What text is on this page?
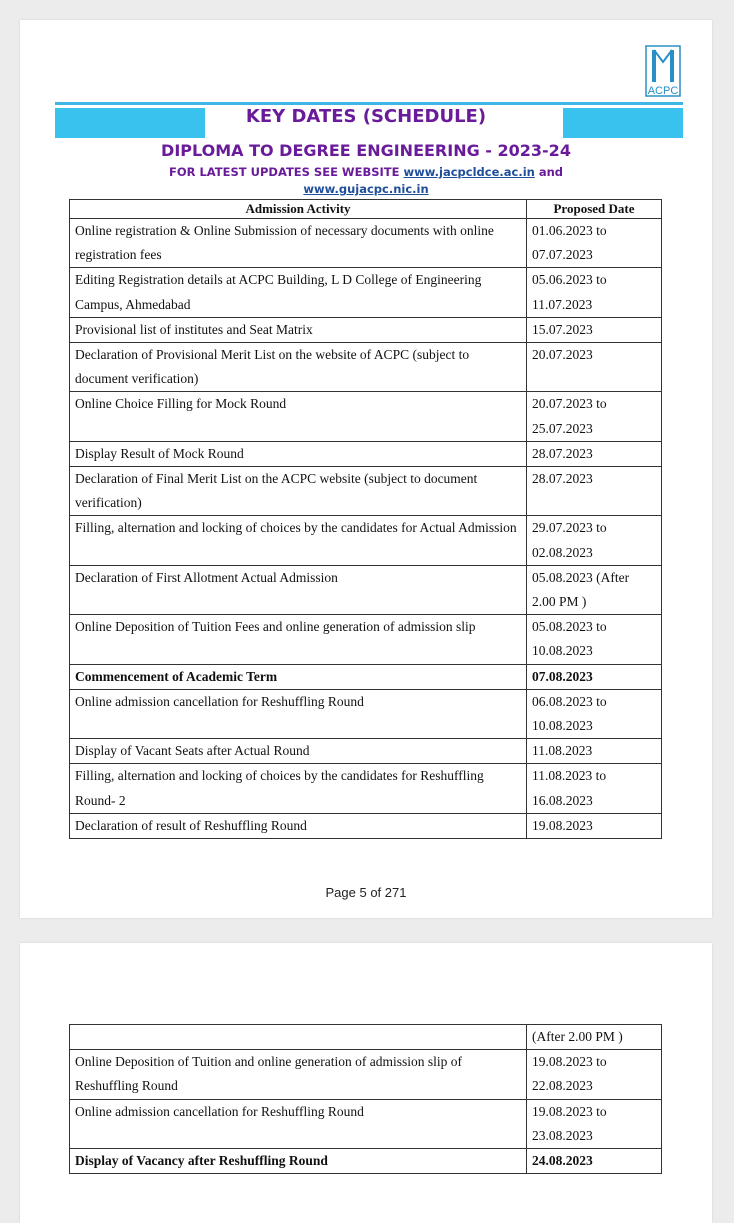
ACPC
KEY DATES (SCHEDULE)
DIPLOMA TO DEGREE ENGINEERING - 2023-24
FOR LATEST UPDATES SEE WEBSITE www.jacpcldce.ac.in and
www.gujacpc.nic.in
Admission Activity	Proposed Date
Online registration & Online Submission of necessary documents with online registration fees	01.06.2023 to 07.07.2023
Editing Registration details at ACPC Building, L D College of Engineering Campus, Ahmedabad	05.06.2023 to 11.07.2023
Provisional list of institutes and Seat Matrix	15.07.2023
Declaration of Provisional Merit List on the website of ACPC (subject to document verification)	20.07.2023
Online Choice Filling for Mock Round	20.07.2023 to 25.07.2023
Display Result of Mock Round	28.07.2023
Declaration of Final Merit List on the ACPC website (subject to document verification)	28.07.2023
Filling, alternation and locking of choices by the candidates for Actual Admission	29.07.2023 to 02.08.2023
Declaration of First Allotment Actual Admission	05.08.2023 (After 2.00 PM )
Online Deposition of Tuition Fees and online generation of admission slip	05.08.2023 to 10.08.2023
Commencement of Academic Term	07.08.2023
Online admission cancellation for Reshuffling Round	06.08.2023 to 10.08.2023
Display of Vacant Seats after Actual Round	11.08.2023
Filling, alternation and locking of choices by the candidates for Reshuffling Round- 2	11.08.2023 to 16.08.2023
Declaration of result of Reshuffling Round	19.08.2023
Page 5 of 271
	(After 2.00 PM )
Online Deposition of Tuition and online generation of admission slip of Reshuffling Round	19.08.2023 to 22.08.2023
Online admission cancellation for Reshuffling Round	19.08.2023 to 23.08.2023
Display of Vacancy after Reshuffling Round	24.08.2023
